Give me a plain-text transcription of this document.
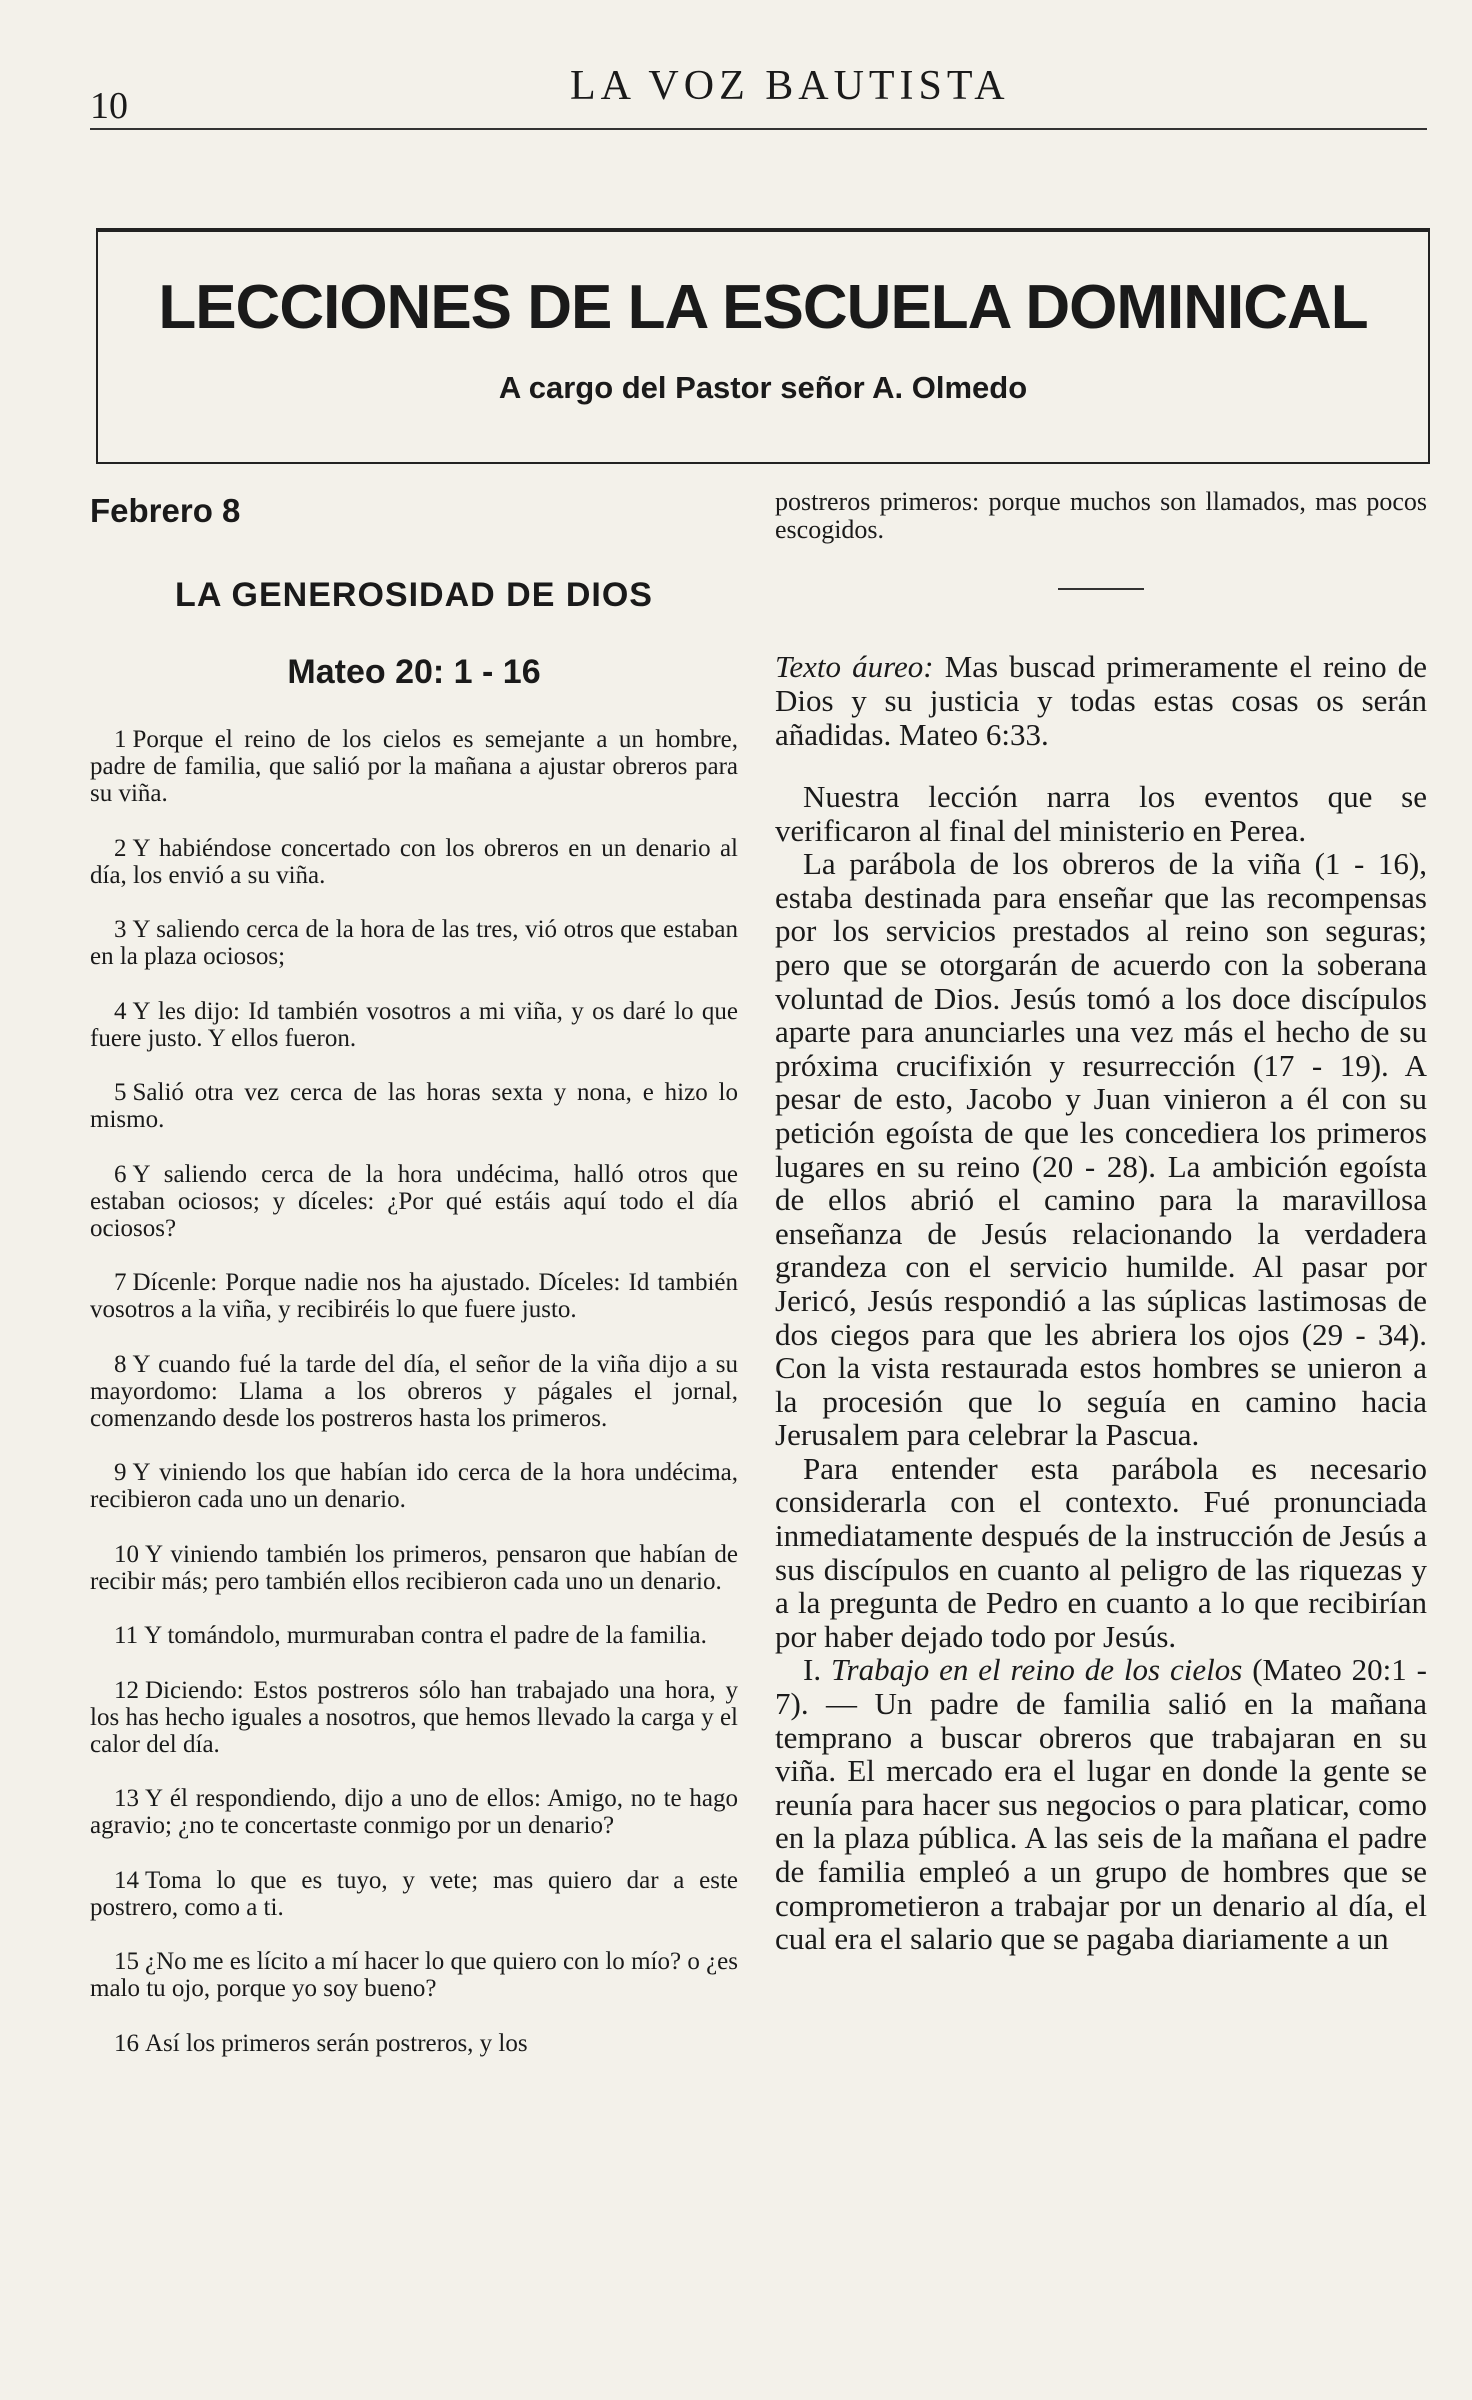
10	LA VOZ BAUTISTA
LECCIONES DE LA ESCUELA DOMINICAL
A cargo del Pastor señor A. Olmedo
Febrero 8
LA GENEROSIDAD DE DIOS
Mateo 20: 1 - 16

1 Porque el reino de los cielos es semejante a un hombre, padre de familia, que salió por la mañana a ajustar obreros para su viña.

2 Y habiéndose concertado con los obreros en un denario al día, los envió a su viña.

3 Y saliendo cerca de la hora de las tres, vió otros que estaban en la plaza ociosos;

4 Y les dijo: Id también vosotros a mi viña, y os daré lo que fuere justo. Y ellos fueron.

5 Salió otra vez cerca de las horas sexta y nona, e hizo lo mismo.

6 Y saliendo cerca de la hora undécima, halló otros que estaban ociosos; y díceles: ¿Por qué estáis aquí todo el día ociosos?

7 Dícenle: Porque nadie nos ha ajustado. Díceles: Id también vosotros a la viña, y recibiréis lo que fuere justo.

8 Y cuando fué la tarde del día, el señor de la viña dijo a su mayordomo: Llama a los obreros y págales el jornal, comenzando desde los postreros hasta los primeros.

9 Y viniendo los que habían ido cerca de la hora undécima, recibieron cada uno un denario.

10 Y viniendo también los primeros, pensaron que habían de recibir más; pero también ellos recibieron cada uno un denario.

11 Y tomándolo, murmuraban contra el padre de la familia.

12 Diciendo: Estos postreros sólo han trabajado una hora, y los has hecho iguales a nosotros, que hemos llevado la carga y el calor del día.

13 Y él respondiendo, dijo a uno de ellos: Amigo, no te hago agravio; ¿no te concertaste conmigo por un denario?

14 Toma lo que es tuyo, y vete; mas quiero dar a este postrero, como a ti.

15 ¿No me es lícito a mí hacer lo que quiero con lo mío? o ¿es malo tu ojo, porque yo soy bueno?

16 Así los primeros serán postreros, y los

postreros primeros: porque muchos son llamados, mas pocos escogidos.

Texto áureo: Mas buscad primeramente el reino de Dios y su justicia y todas estas cosas os serán añadidas. Mateo 6:33.

Nuestra lección narra los eventos que se verificaron al final del ministerio en Perea.

La parábola de los obreros de la viña (1 - 16), estaba destinada para enseñar que las recompensas por los servicios prestados al reino son seguras; pero que se otorgarán de acuerdo con la soberana voluntad de Dios. Jesús tomó a los doce discípulos aparte para anunciarles una vez más el hecho de su próxima crucifixión y resurrección (17 - 19). A pesar de esto, Jacobo y Juan vinieron a él con su petición egoísta de que les concediera los primeros lugares en su reino (20 - 28). La ambición egoísta de ellos abrió el camino para la maravillosa enseñanza de Jesús relacionando la verdadera grandeza con el servicio humilde. Al pasar por Jericó, Jesús respondió a las súplicas lastimosas de dos ciegos para que les abriera los ojos (29 - 34). Con la vista restaurada estos hombres se unieron a la procesión que lo seguía en camino hacia Jerusalem para celebrar la Pascua.

Para entender esta parábola es necesario considerarla con el contexto. Fué pronunciada inmediatamente después de la instrucción de Jesús a sus discípulos en cuanto al peligro de las riquezas y a la pregunta de Pedro en cuanto a lo que recibirían por haber dejado todo por Jesús.

I. Trabajo en el reino de los cielos (Mateo 20:1 - 7). — Un padre de familia salió en la mañana temprano a buscar obreros que trabajaran en su viña. El mercado era el lugar en donde la gente se reunía para hacer sus negocios o para platicar, como en la plaza pública. A las seis de la mañana el padre de familia empleó a un grupo de hombres que se comprometieron a trabajar por un denario al día, el cual era el salario que se pagaba diariamente a un
